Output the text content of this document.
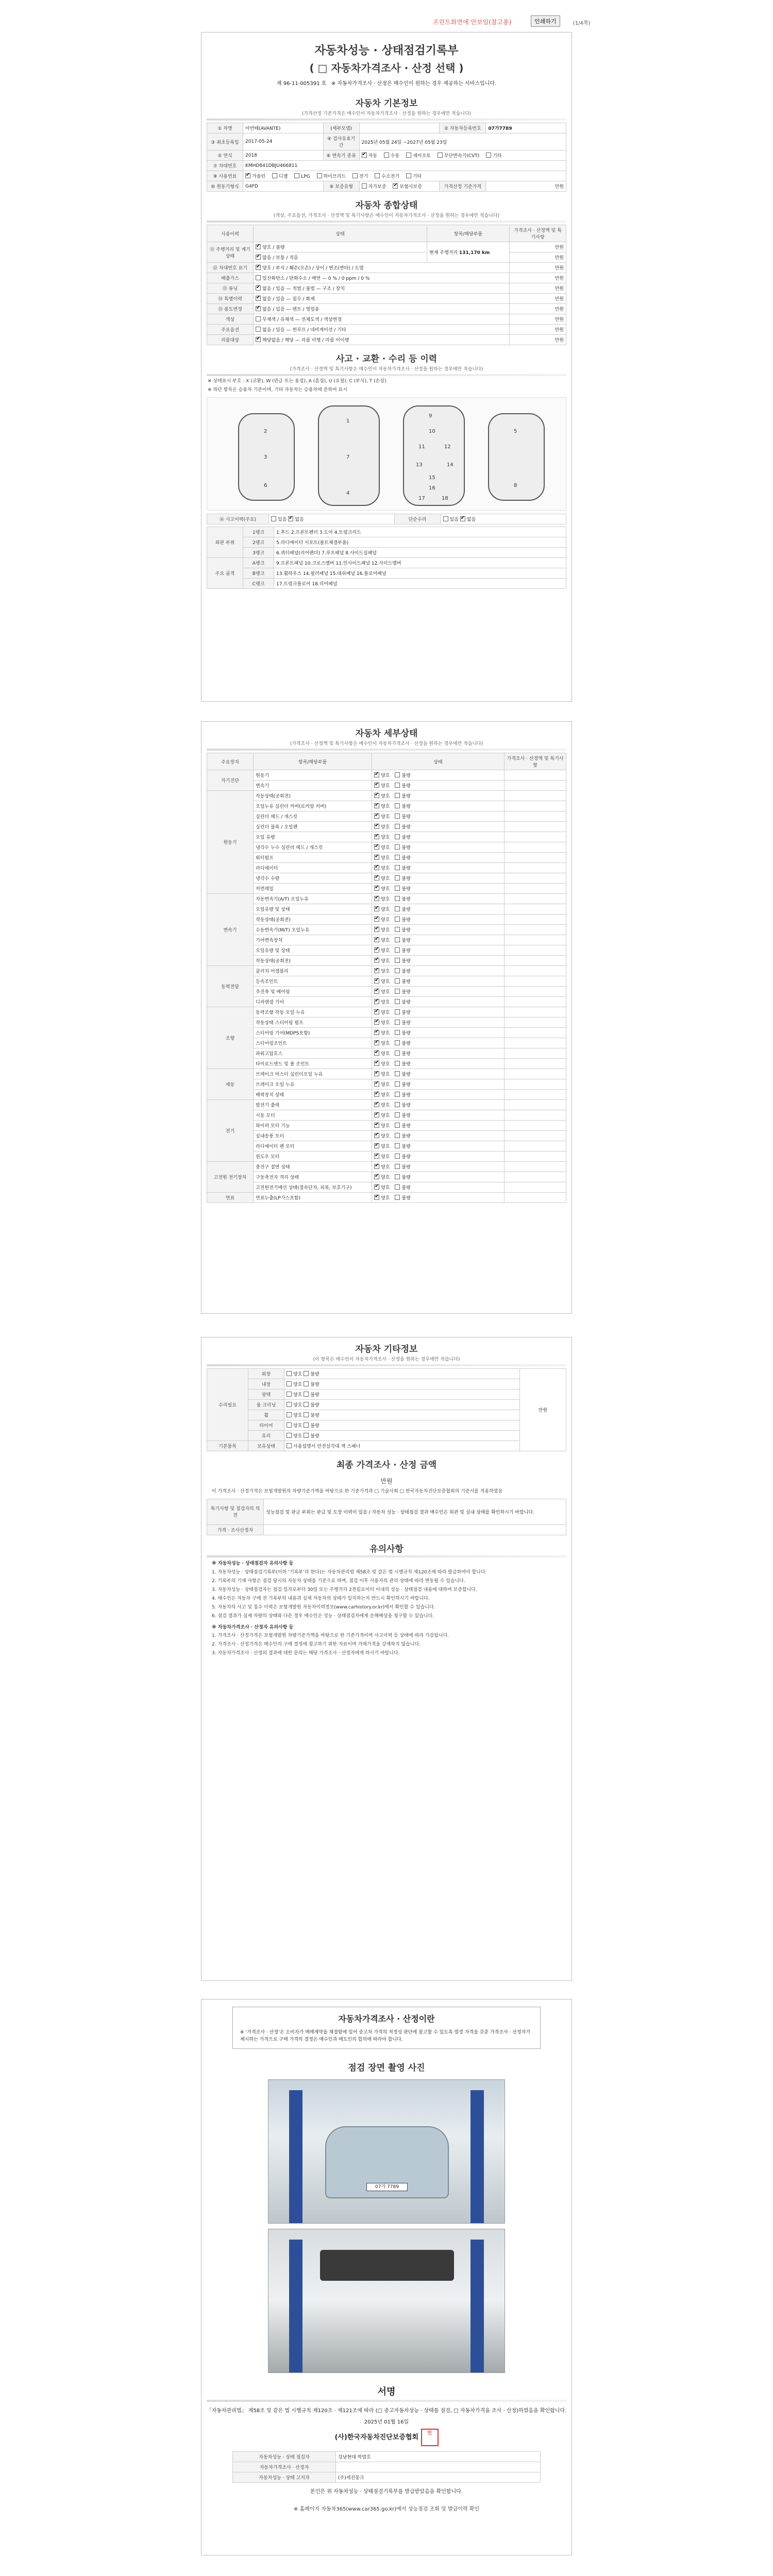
프린트화면에 안보임(참고용)	인쇄하기	(1/4쪽)
자동차성능 · 상태점검기록부
( □ 자동차가격조사 · 산정 선택 )
제 96-11-005391 호 ※ 자동차가격조사 · 산정은 매수인이 원하는 경우 제공하는 서비스입니다.
자동차 기본정보
(가격산정 기준가격은 매수인이 자동차가격조사 · 산정을 원하는 경우에만 적습니다)
① 차명	아반떼(AVANTE)	(세부모델)		② 자동차등록번호	07가7789
③ 최초등록일	2017-05-24	④ 검사유효기간	2025년 05월 24일 ~2027년 05월 23일		
⑤ 연식	2018	⑥ 변속기 종류	✔자동 수동 세미오토 무단변속기(CVT) 기타
⑦ 차대번호	KMHD841DBJU466811				
⑧ 사용연료	✔가솔린 디젤 LPG 하이브리드 전기 수소전기 기타
⑩ 원동기형식	G4FD	⑨ 보증유형	자가보증 ✔ 보험사보증	가격산정 기준가격	만원
자동차 종합상태
(색상, 주요옵션, 가격조사 · 산정액 및 특기사항은 매수인이 자동차가격조사 · 산정을 원하는 경우에만 적습니다)
사용이력	상태	항목/해당부품	가격조사 · 산정액 및 특기사항
⑪ 주행거리 및 계기상태	✔양호 / 불량	현재 주행거리 131,170 km	만원
✔많음 / 보통 / 적음		만원
⑫ 차대번호 표기	✔양호 / 부식 / 훼손(오손) / 상이 / 변조(변타) / 도말		만원
배출가스	일산화탄소 / 탄화수소 / 매연 — 0 % / 0 ppm / 0 %		만원
⑬ 튜닝	✔없음 / 있음 — 적법 / 불법 — 구조 / 장치		만원
⑭ 특별이력	✔없음 / 있음 — 침수 / 화재		만원
⑮ 용도변경	✔없음 / 있음 — 렌트 / 영업용		만원
색상	무채색 / 유채색 — 전체도색 / 색상변경		만원
주요옵션	없음 / 있음 — 썬루프 / 네비게이션 / 기타		만원
리콜대상	✔해당없음 / 해당 — 리콜 이행 / 리콜 미이행		만원
사고 · 교환 · 수리 등 이력
(가격조사 · 산정액 및 특기사항은 매수인이 자동차가격조사 · 산정을 원하는 경우에만 적습니다)

※ 상태표시 부호 : X (교환), W (판금 또는 용접), A (흠집), U (요철), C (부식), T (손상)

※ 하단 항목은 승용차 기준이며, 기타 자동차는 승용차에 준하여 표시

2
3
6
1
7
4
9
10
11	12
13	14
15
16
17	18
5
8
⑯ 사고이력(주요)	있음 ✔ 없음	단순수리	있음 ✔ 없음
외판 부위	1랭크	1.후드 2.프론트펜더 3.도어 4.트렁크리드
	2랭크	5.라디에이터 서포트(볼트체결부품)
	3랭크	6.쿼터패널(리어펜더) 7.루프패널 8.사이드실패널
주요 골격	A랭크	9.프론트패널 10.크로스멤버 11.인사이드패널 12.사이드멤버
	B랭크	13.휠하우스 14.필러패널 15.대쉬패널 16.플로어패널
	C랭크	17.트렁크플로어 18.리어패널
자동차 세부상태
(가격조사 · 산정액 및 특기사항은 매수인이 자동차가격조사 · 산정을 원하는 경우에만 적습니다)
주요장치	항목/해당부품	상태	가격조사 · 산정액 및 특기사항
자기진단	원동기	✔양호 불량	
	변속기	✔양호 불량	
원동기	작동상태(공회전)	✔양호 불량	
	오일누유 실린더 커버(로커암 커버)	✔양호 불량	
	실린더 헤드 / 개스킷	✔양호 불량	
	실린더 블록 / 오일팬	✔양호 불량	
	오일 유량	✔양호 불량	
	냉각수 누수 실린더 헤드 / 개스킷	✔양호 불량	
	워터펌프	✔양호 불량	
	라디에이터	✔양호 불량	
	냉각수 수량	✔양호 불량	
	커먼레일	✔양호 불량	
변속기	자동변속기(A/T) 오일누유	✔양호 불량	
	오일유량 및 상태	✔양호 불량	
	작동상태(공회전)	✔양호 불량	
	수동변속기(M/T) 오일누유	✔양호 불량	
	기어변속장치	✔양호 불량	
	오일유량 및 상태	✔양호 불량	
	작동상태(공회전)	✔양호 불량	
동력전달	클러치 어셈블리	✔양호 불량	
	등속조인트	✔양호 불량	
	추진축 및 베어링	✔양호 불량	
	디퍼렌셜 기어	✔양호 불량	
조향	동력조향 작동 오일 누유	✔양호 불량	
	작동상태 스티어링 펌프	✔양호 불량	
	스티어링 기어(MDPS포함)	✔양호 불량	
	스티어링조인트	✔양호 불량	
	파워고압호스	✔양호 불량	
	타이로드엔드 및 볼 조인트	✔양호 불량	
제동	브레이크 마스터 실린더오일 누유	✔양호 불량	
	브레이크 오일 누유	✔양호 불량	
	배력장치 상태	✔양호 불량	
전기	발전기 출력	✔양호 불량	
	시동 모터	✔양호 불량	
	와이퍼 모터 기능	✔양호 불량	
	실내송풍 모터	✔양호 불량	
	라디에이터 팬 모터	✔양호 불량	
	윈도우 모터	✔양호 불량	
고전원 전기장치	충전구 절연 상태	✔양호 불량	
	구동축전지 격리 상태	✔양호 불량	
	고전원전기배선 상태(접속단자, 피복, 보호기구)	✔양호 불량	
연료	연료누출(LP가스포함)	✔양호 불량	
자동차 기타정보
(이 항목은 매수인이 자동차가격조사 · 산정을 원하는 경우에만 적습니다)
수리필요	외장	양호 불량	만원
	내장	양호 불량	
	광택	양호 불량	
	룸 크리닝	양호 불량	
	휠	양호 불량	
	타이어	양호 불량	
	유리	양호 불량	
기본품목	보유상태	사용설명서 안전삼각대 잭 스패너	
최종 가격조사 · 산정 금액
만원
이 가격조사 · 산정가격은 보험개발원의 차량기준가액을 바탕으로 한 기준가격과 □ 기술사회 □ 한국자동차진단보증협회의 기준서를 적용하였음
특기사항 및 점검자의 의견	성능점검 및 판금 부위는 판금 및 도장 이력이 있음 / 자동차 성능 · 상태점검 결과 매수인은 외관 및 실내 상태를 확인하시기 바랍니다.
가격 · 조사산정자	
유의사항

※ 자동차성능 · 상태점검자 유의사항 등

1. 자동차성능 · 상태점검기록부(이하 ‘기록부’라 한다)는 자동차관리법 제58조 및 같은 법 시행규칙 제120조에 따라 발급하여야 합니다.

2. 기록부의 기재 사항은 점검 당시의 자동차 상태를 기준으로 하며, 점검 이후 사용자의 관리 상태에 따라 변동될 수 있습니다.

3. 자동차성능 · 상태점검자는 점검 일자로부터 30일 또는 주행거리 2천킬로미터 이내의 성능 · 상태점검 내용에 대하여 보증합니다.

4. 매수인은 자동차 구매 전 기록부의 내용과 실제 자동차의 상태가 일치하는지 반드시 확인하시기 바랍니다.

5. 자동차의 사고 및 침수 이력은 보험개발원 자동차이력정보(www.carhistory.or.kr)에서 확인할 수 있습니다.

6. 점검 결과가 실제 차량의 상태와 다른 경우 매수인은 성능 · 상태점검자에게 손해배상을 청구할 수 있습니다.

※ 자동차가격조사 · 산정자 유의사항 등

1. 가격조사 · 산정가격은 보험개발원 차량기준가액을 바탕으로 한 기준가격이며 사고이력 등 상태에 따라 가감됩니다.

2. 가격조사 · 산정가격은 매수인의 구매 결정에 참고하기 위한 자료이며 거래가격을 강제하지 않습니다.

3. 자동차가격조사 · 산정의 결과에 대한 문의는 해당 가격조사 · 산정자에게 하시기 바랍니다.

자동차가격조사 · 산정이란
※ ‘가격조사 · 산정’은 소비자가 매매계약을 체결함에 있어 중고차 가격의 적정성 판단에 참고할 수 있도록 법정 자격을 갖춘 가격조사 · 산정자가 제시하는 가격으로 구매 가격의 결정은 매수인과 매도인의 합의에 따라야 합니다.
점검 장면 촬영 사진
07가 7789
서명
「자동차관리법」 제58조 및 같은 법 시행규칙 제120조 · 제121조에 따라 (□ 중고자동차성능 · 상태를 점검, □ 자동차가격을 조사 · 산정)하였음을 확인합니다.
2025년 01월 16일
(사)한국자동차진단보증협회 인
자동차성능 · 상태 점검자	강남현대 박범호
자동차가격조사 · 산정자	
자동차성능 · 상태 고지자	(주)세진봉크
본인은 위 자동차성능 · 상태점검기록부를 발급받았음을 확인합니다.
※ 홈페이지 자동차365(www.car365.go.kr)에서 성능점검 조회 및 발급이력 확인
